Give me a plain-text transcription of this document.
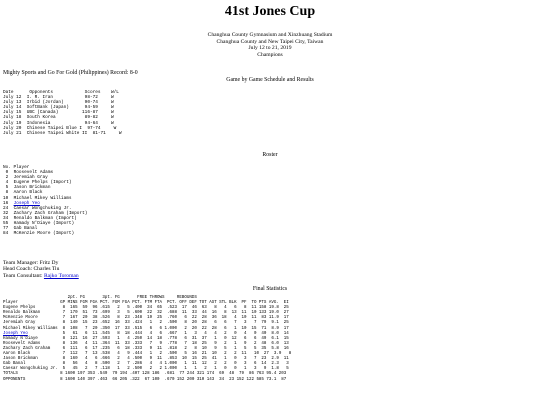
41st Jones Cup
Changhua County Gymnasium and Xinzhuang Stadium
Changhua County and New Taipei City, Taiwan
July 12 to 21, 2019
Champions
Mighty Sports and Go For Gold (Philippines) Record: 8-0
Game by Game Schedule and Results
Date      Opponents            Scores    W/L
July 12  I. R. Iran            98-72     W
July 13  Irbid (Jordan)        90-74     W
July 14  SoftBank (Japan)      94-59     W
July 15  UBC (Canada)         116-87     W
July 18  South Korea           89-82     W
July 19  Indonesia             94-64     W
July 20  Chinese Taipei Blue I  97-74     W
July 21  Chinese Taipei White II  81-71     W
Roster
No. Player
0 Roosevelt Adams
2 Jeremiah Gray
4 Eugene Phelps (Import)
5 Jason Brickman
8 Aaron Black
10 Michael Mikey Williams
16 Joseph Yeo
24 Caesar Wongchuking Jr.
32 Zachary Zach Graham (Import)
34 Renaldo Balkman (Import)
55 Hamady N'Diaye (Import)
77 Gab Banal
84 McKenzie Moore (Import)
Team Manager: Fritz Dy
Head Coach: Charles Tiu
Team Consultant: Rajko Toroman
Final Statistics
2pt. FG       3pt. FG       FREE THROWS     REBOUNDS
Player                 GP MINS FGM FGA PCT. FGM FGA PCT. FTM FTA  PCT. OFF DEF TOT AST STL BLK  PF  TO PTS AVG.  EI
Eugene Phelps           8  165  59  96 .615   2   5 .400  34  65  .523  17  46  63   8   4   6   8  11 158 19.8  25
Renaldo Balkman         7  170  51  73 .699   3   5 .600  22  32  .688  11  33  44  16   8  13  11  10 133 19.0  27
McKenzie Moore          7  167  20  38 .526   8  23 .348  19  25  .760   6  22  28  36  18   4  10  11  83 11.9  17
Jeremiah Gray           8  140  15  23 .652  16  33 .424   1   2  .500   8  20  28   6   6   7   3   7  79  9.1  25
Michael Mikey Williams  8  108   7  20 .350  17  33 .515   6   6 1.000   2  20  22  28   6   1  10  15  71  8.9  17
Joseph Yeo              5   61   6  11 .545   8  18 .444   4   6  .667   1   3   4   4   2   0   4   0  40  8.0  14
Hamady N'Diaye          8  121  16  27 .593   1   4 .250  14  18  .778   6  31  37   1   0  12   6   6  49  6.1  15
Roosevelt Adams         8  136   4  11 .364  11  33 .333   7   9  .778   7  18  25   9   2   1   9   2  48  6.0  13
Zachary Zach Graham     6  111   6  17 .235   6  18 .333   9  11  .818   2   8  10   9   5   1   5   5  35  5.8  16
Aaron Black             7  112   7  13 .538   4   9 .444   1   2  .500   5  16  21  10   2   2  11   10  27  3.9   8
Jason Brickman          8  160   4   6 .666   2   4 .500   9  11  .853  10  15  25  41   1   0   3   7  23  2.9  11
Gab Banal               8   56   4   8 .500   2   7 .286   4   4 1.000   1  11  12   2   2   0   3   6  14  2.3   3
Caesar Wongchuking Jr.  5   45   2   7 .118   1   2 .500   2   2 1.000   1   1   2   1   0   0   1   3   9  1.8   5
TOTALS                 8 1600 197 353 .549  79 194 .407 128 186  .681  77 244 321 174  69  48  79  86 763 95.4 203
OPPONENTS              8 1600 140 397 .463  66 205 .322  67 100  .670 152 200 310 143  34  23 152 122 585 73.1  87
